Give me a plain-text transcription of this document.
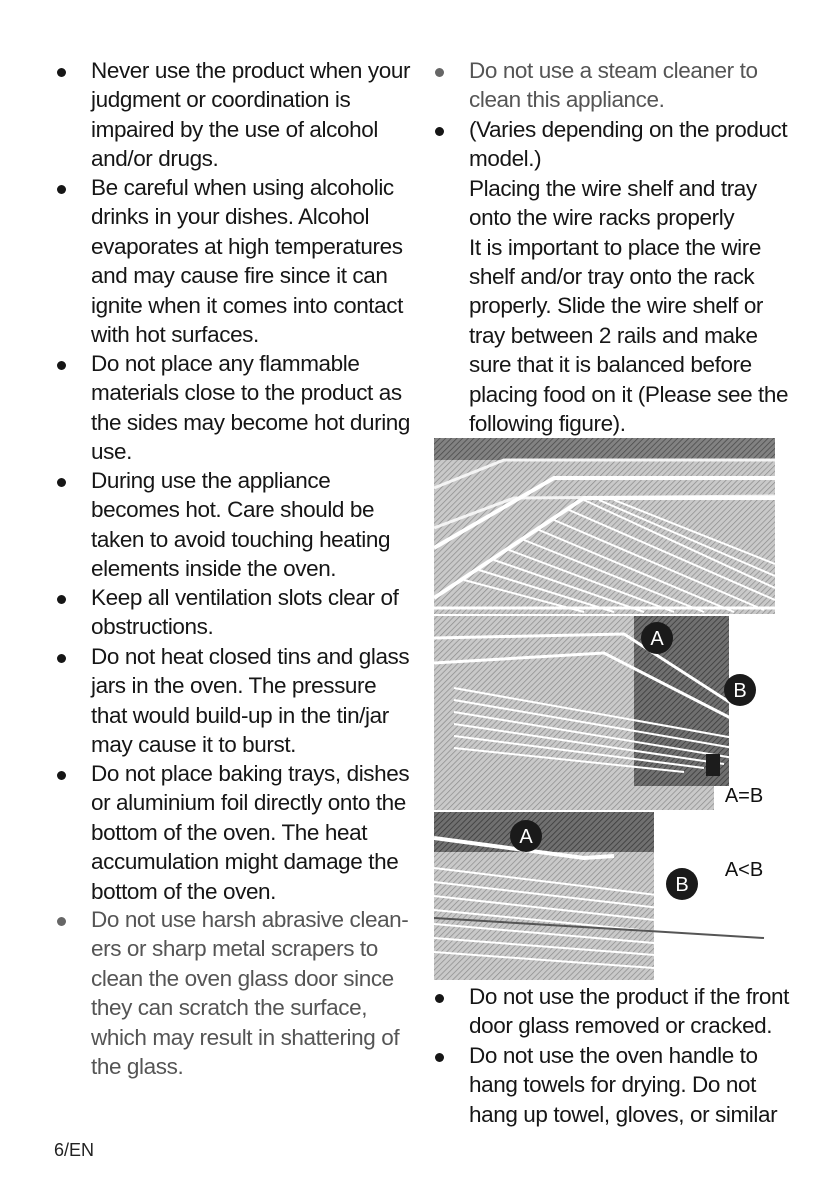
Never use the product when your judgment or coordination is impaired by the use of alcohol and/or drugs.
Be careful when using alcoholic drinks in your dishes. Alcohol evaporates at high temperatures and may cause fire since it can ignite when it comes into contact with hot surfaces.
Do not place any flammable materials close to the product as the sides may become hot during use.
During use the appliance becomes hot. Care should be taken to avoid touching heating elements inside the oven.
Keep all ventilation slots clear of obstructions.
Do not heat closed tins and glass jars in the oven. The pressure that would build-up in the tin/jar may cause it to burst.
Do not place baking trays, dishes or aluminium foil directly onto the bottom of the oven. The heat accumulation might damage the bottom of the oven.
Do not use harsh abrasive clean- ers or sharp metal scrapers to clean the oven glass door since they can scratch the surface, which may result in shattering of the glass.
Do not use a steam cleaner to clean this appliance.
(Varies depending on the product model.)
Placing the wire shelf and tray onto the wire racks properly
It is important to place the wire shelf and/or tray onto the rack properly. Slide the wire shelf or tray between 2 rails and make sure that it is balanced before placing food on it (Please see the following figure).
A
B
A=B
A
B
A<B
Do not use the product if the front door glass removed or cracked.
Do not use the oven handle to hang towels for drying. Do not hang up towel, gloves, or similar
6/EN
